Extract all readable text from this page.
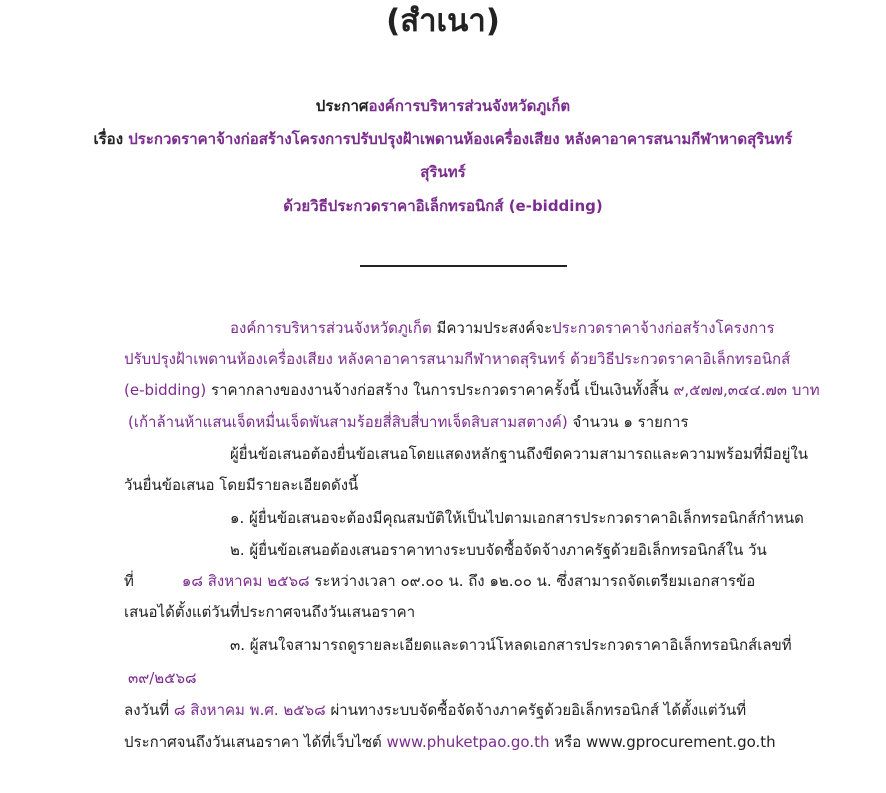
(สำเนา)
ประกาศองค์การบริหารส่วนจังหวัดภูเก็ต
เรื่อง ประกวดราคาจ้างก่อสร้างโครงการปรับปรุงฝ้าเพดานห้องเครื่องเสียง หลังคาอาคารสนามกีฬาหาดสุรินทร์
สุรินทร์
ด้วยวิธีประกวดราคาอิเล็กทรอนิกส์ (e-bidding)
องค์การบริหารส่วนจังหวัดภูเก็ต มีความประสงค์จะประกวดราคาจ้างก่อสร้างโครงการ
ปรับปรุงฝ้าเพดานห้องเครื่องเสียง หลังคาอาคารสนามกีฬาหาดสุรินทร์ ด้วยวิธีประกวดราคาอิเล็กทรอนิกส์
(e-bidding) ราคากลางของงานจ้างก่อสร้าง ในการประกวดราคาครั้งนี้ เป็นเงินทั้งสิ้น ๙,๕๗๗,๓๔๔.๗๓ บาท
(เก้าล้านห้าแสนเจ็ดหมื่นเจ็ดพันสามร้อยสี่สิบสี่บาทเจ็ดสิบสามสตางค์) จำนวน ๑ รายการ
ผู้ยื่นข้อเสนอต้องยื่นข้อเสนอโดยแสดงหลักฐานถึงขีดความสามารถและความพร้อมที่มีอยู่ใน
วันยื่นข้อเสนอ โดยมีรายละเอียดดังนี้
๑. ผู้ยื่นข้อเสนอจะต้องมีคุณสมบัติให้เป็นไปตามเอกสารประกวดราคาอิเล็กทรอนิกส์กำหนด
๒. ผู้ยื่นข้อเสนอต้องเสนอราคาทางระบบจัดซื้อจัดจ้างภาครัฐด้วยอิเล็กทรอนิกส์ใน วัน
ที่	๑๘ สิงหาคม ๒๕๖๘ ระหว่างเวลา ๐๙.๐๐ น. ถึง ๑๒.๐๐ น. ซึ่งสามารถจัดเตรียมเอกสารข้อ
เสนอได้ตั้งแต่วันที่ประกาศจนถึงวันเสนอราคา
๓. ผู้สนใจสามารถดูรายละเอียดและดาวน์โหลดเอกสารประกวดราคาอิเล็กทรอนิกส์เลขที่
๓๙/๒๕๖๘
ลงวันที่ ๘ สิงหาคม พ.ศ. ๒๕๖๘ ผ่านทางระบบจัดซื้อจัดจ้างภาครัฐด้วยอิเล็กทรอนิกส์ ได้ตั้งแต่วันที่
ประกาศจนถึงวันเสนอราคา ได้ที่เว็บไซต์ www.phuketpao.go.th หรือ www.gprocurement.go.th
